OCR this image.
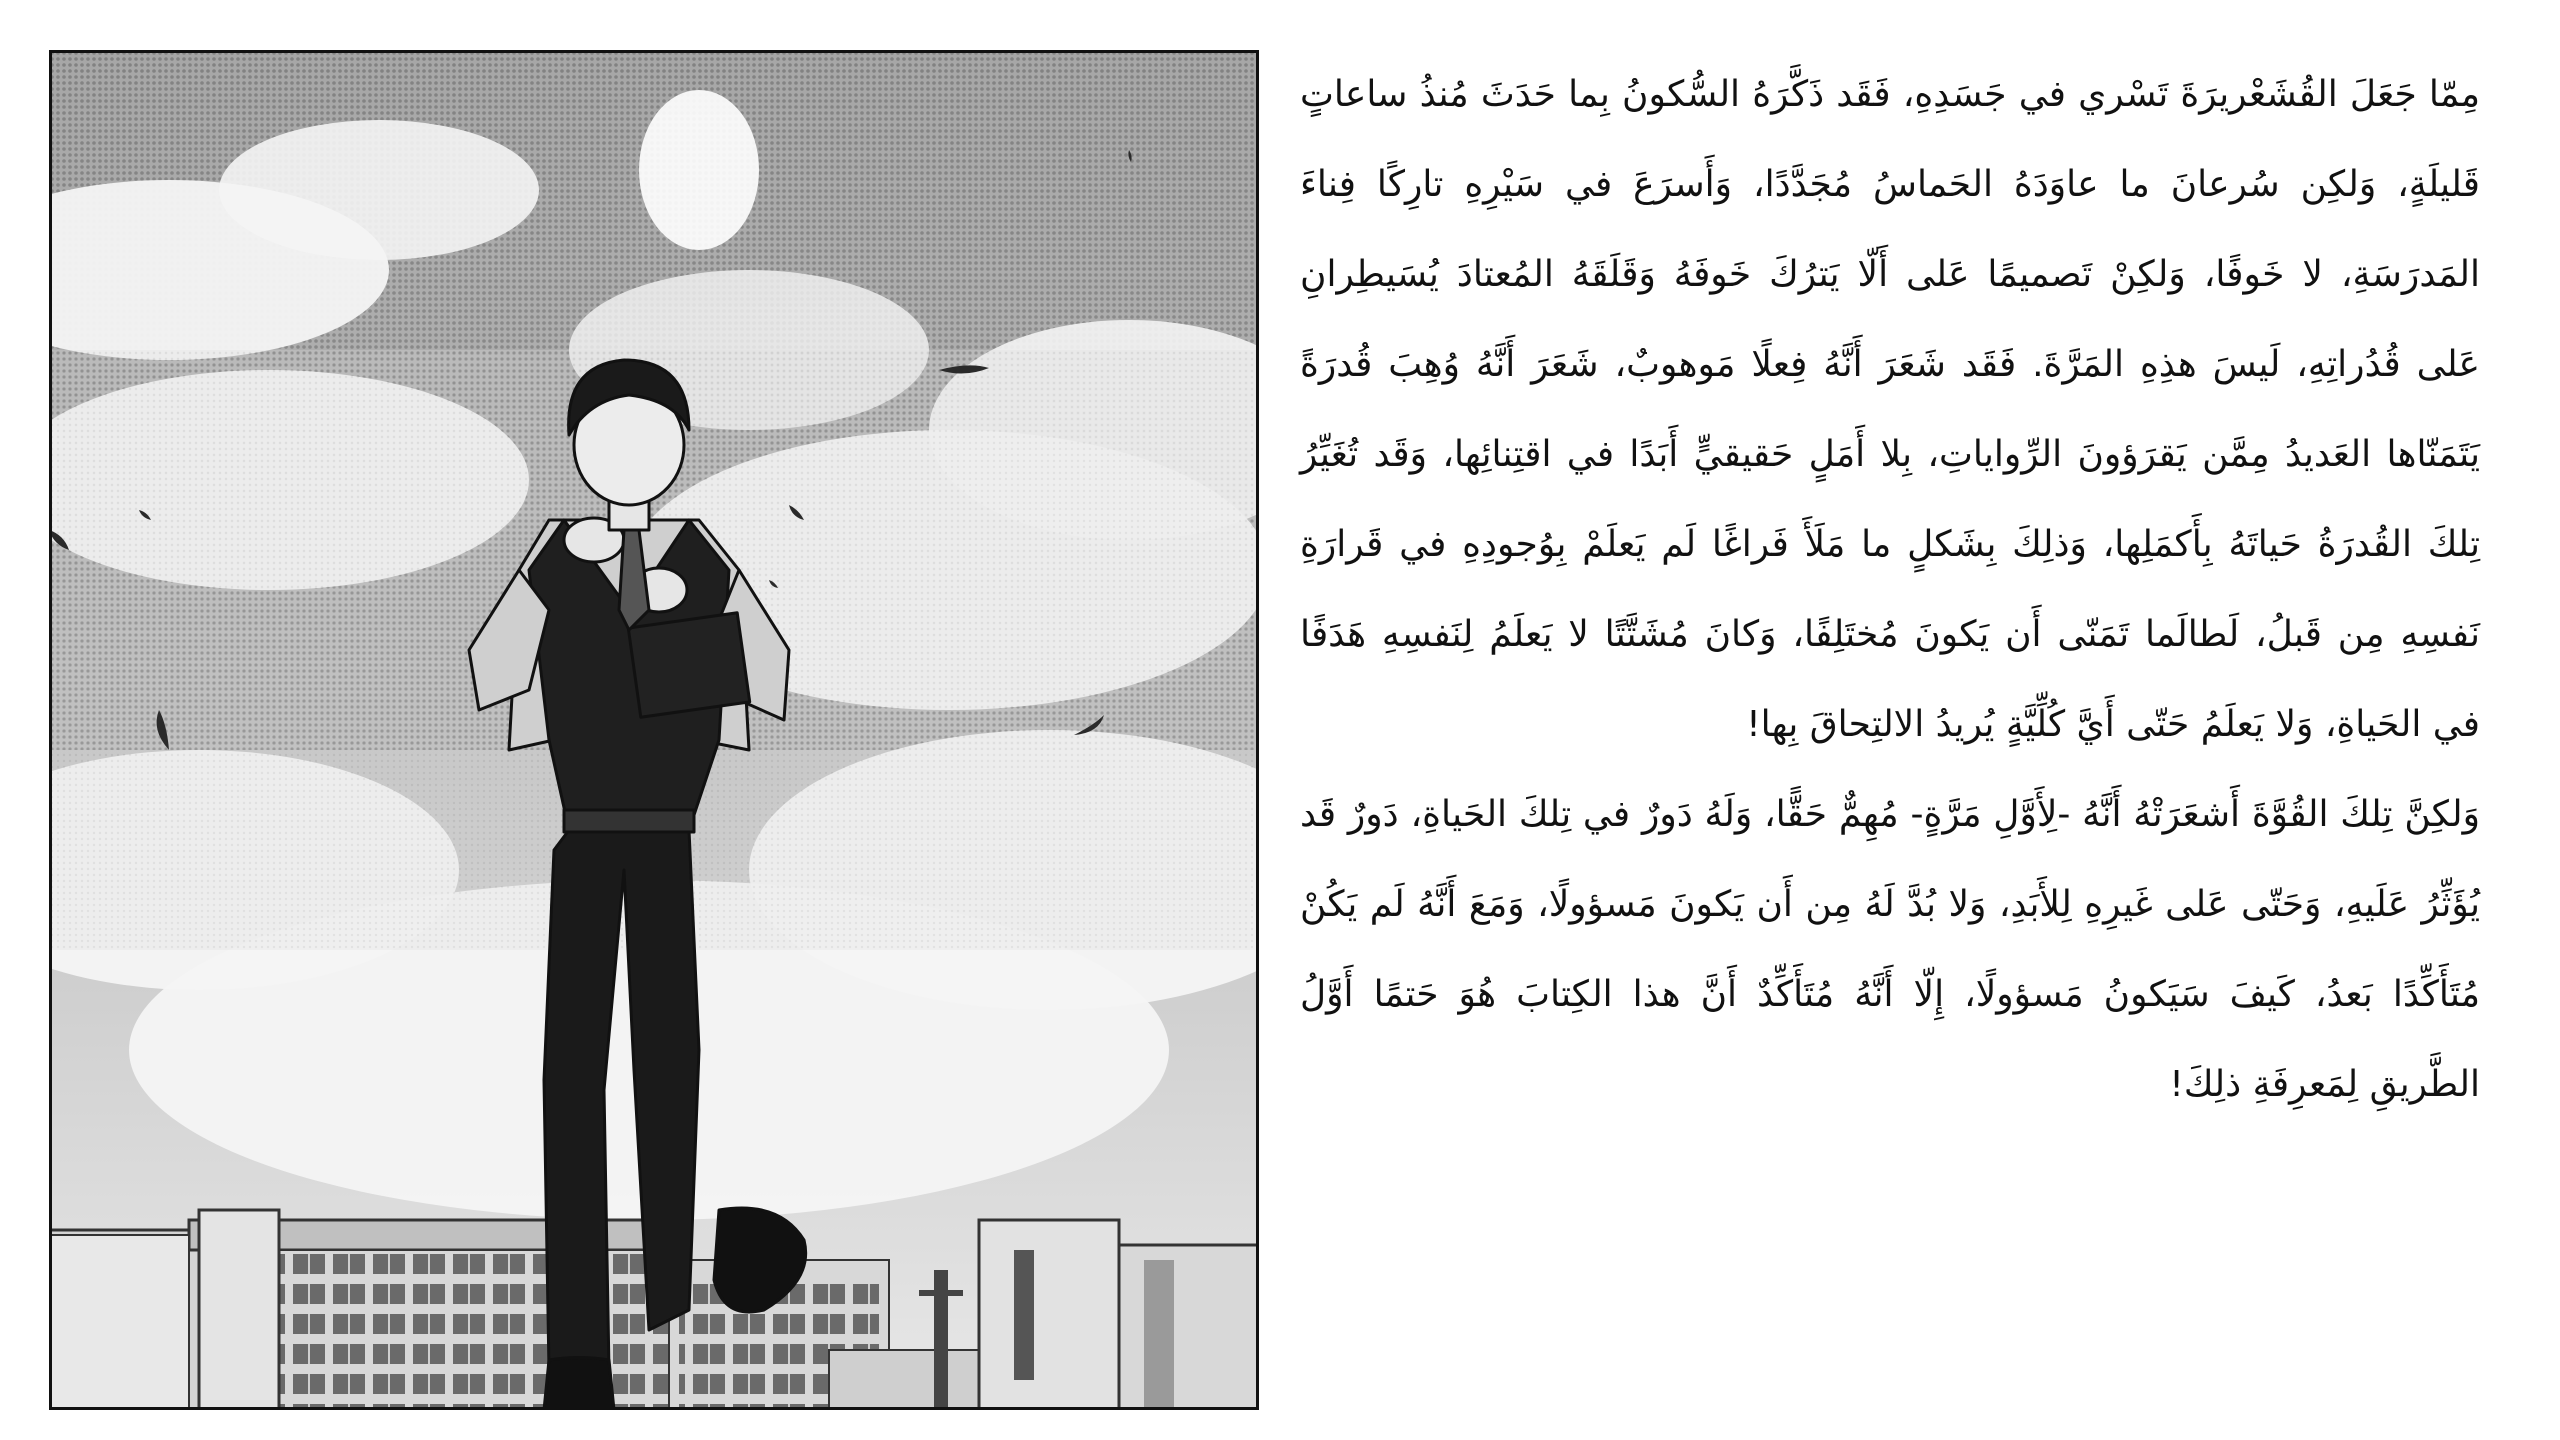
مِمّا جَعَلَ القُشَعْريرَةَ تَسْري في جَسَدِهِ، فَقَد ذَكَّرَهُ السُّكونُ بِما حَدَثَ مُنذُ ساعاتٍ قَليلَةٍ، وَلكِن سُرعانَ ما عاوَدَهُ الحَماسُ مُجَدَّدًا، وَأَسرَعَ في سَيْرِهِ تارِكًا فِناءَ المَدرَسَةِ، لا خَوفًا، وَلكِنْ تَصميمًا عَلى أَلّا يَترُكَ خَوفَهُ وَقَلَقَهُ المُعتادَ يُسَيطِرانِ عَلى قُدُراتِهِ، لَيسَ هذِهِ المَرَّةَ. فَقَد شَعَرَ أَنَّهُ فِعلًا مَوهوبٌ، شَعَرَ أَنَّهُ وُهِبَ قُدرَةً يَتَمَنّاها العَديدُ مِمَّن يَقرَؤونَ الرِّواياتِ، بِلا أَمَلٍ حَقيقيٍّ أَبَدًا في اقتِنائِها، وَقَد تُغَيِّرُ تِلكَ القُدرَةُ حَياتَهُ بِأَكمَلِها، وَذلِكَ بِشَكلٍ ما مَلَأَ فَراغًا لَم يَعلَمْ بِوُجودِهِ في قَرارَةِ نَفسِهِ مِن قَبلُ، لَطالَما تَمَنّى أَن يَكونَ مُختَلِفًا، وَكانَ مُشَتَّتًا لا يَعلَمُ لِنَفسِهِ هَدَفًا في الحَياةِ، وَلا يَعلَمُ حَتّى أَيَّ كُلِّيَّةٍ يُريدُ الالتِحاقَ بِها!

وَلكِنَّ تِلكَ القُوَّةَ أَشعَرَتْهُ أَنَّهُ -لِأَوَّلِ مَرَّةٍ- مُهِمٌّ حَقًّا، وَلَهُ دَورٌ في تِلكَ الحَياةِ، دَورٌ قَد يُؤَثِّرُ عَلَيهِ، وَحَتّى عَلى غَيرِهِ لِلأَبَدِ، وَلا بُدَّ لَهُ مِن أَن يَكونَ مَسؤولًا، وَمَعَ أَنَّهُ لَم يَكُنْ مُتَأَكِّدًا بَعدُ، كَيفَ سَيَكونُ مَسؤولًا، إِلّا أَنَّهُ مُتَأَكِّدٌ أَنَّ هذا الكِتابَ هُوَ حَتمًا أَوَّلُ الطَّريقِ لِمَعرِفَةِ ذلِكَ!
